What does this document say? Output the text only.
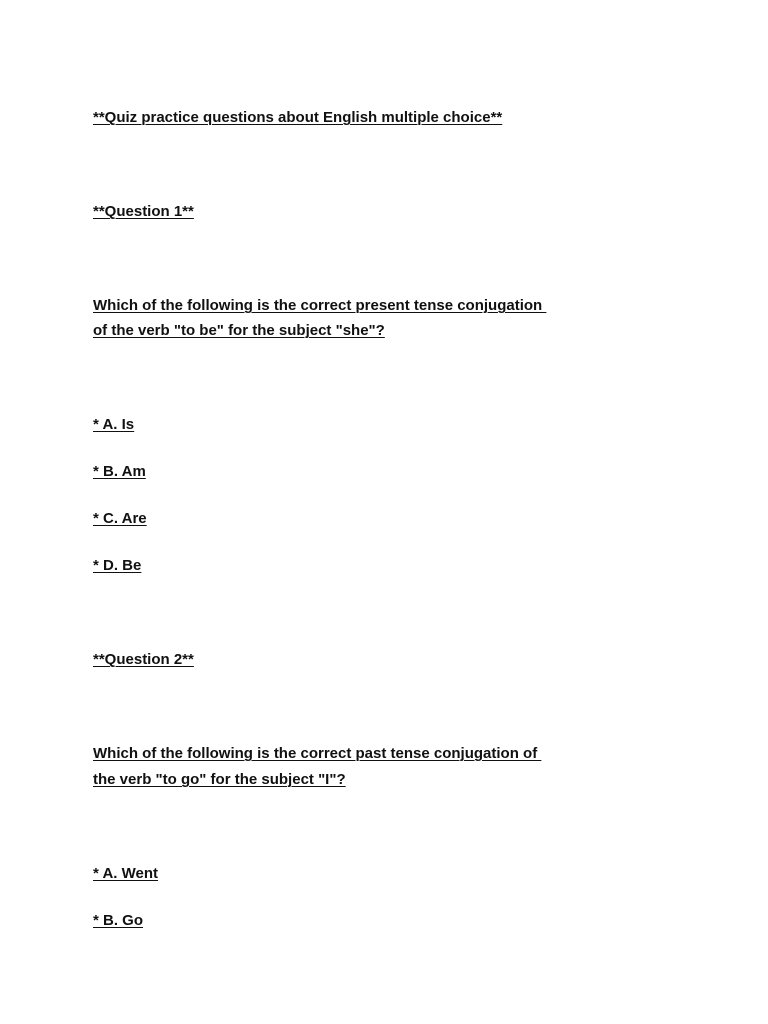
**Quiz practice questions about English multiple choice**

**Question 1**

Which of the following is the correct present tense conjugation

of the verb "to be" for the subject "she"?

* A. Is

* B. Am

* C. Are

* D. Be

**Question 2**

Which of the following is the correct past tense conjugation of

the verb "to go" for the subject "I"?

* A. Went

* B. Go
